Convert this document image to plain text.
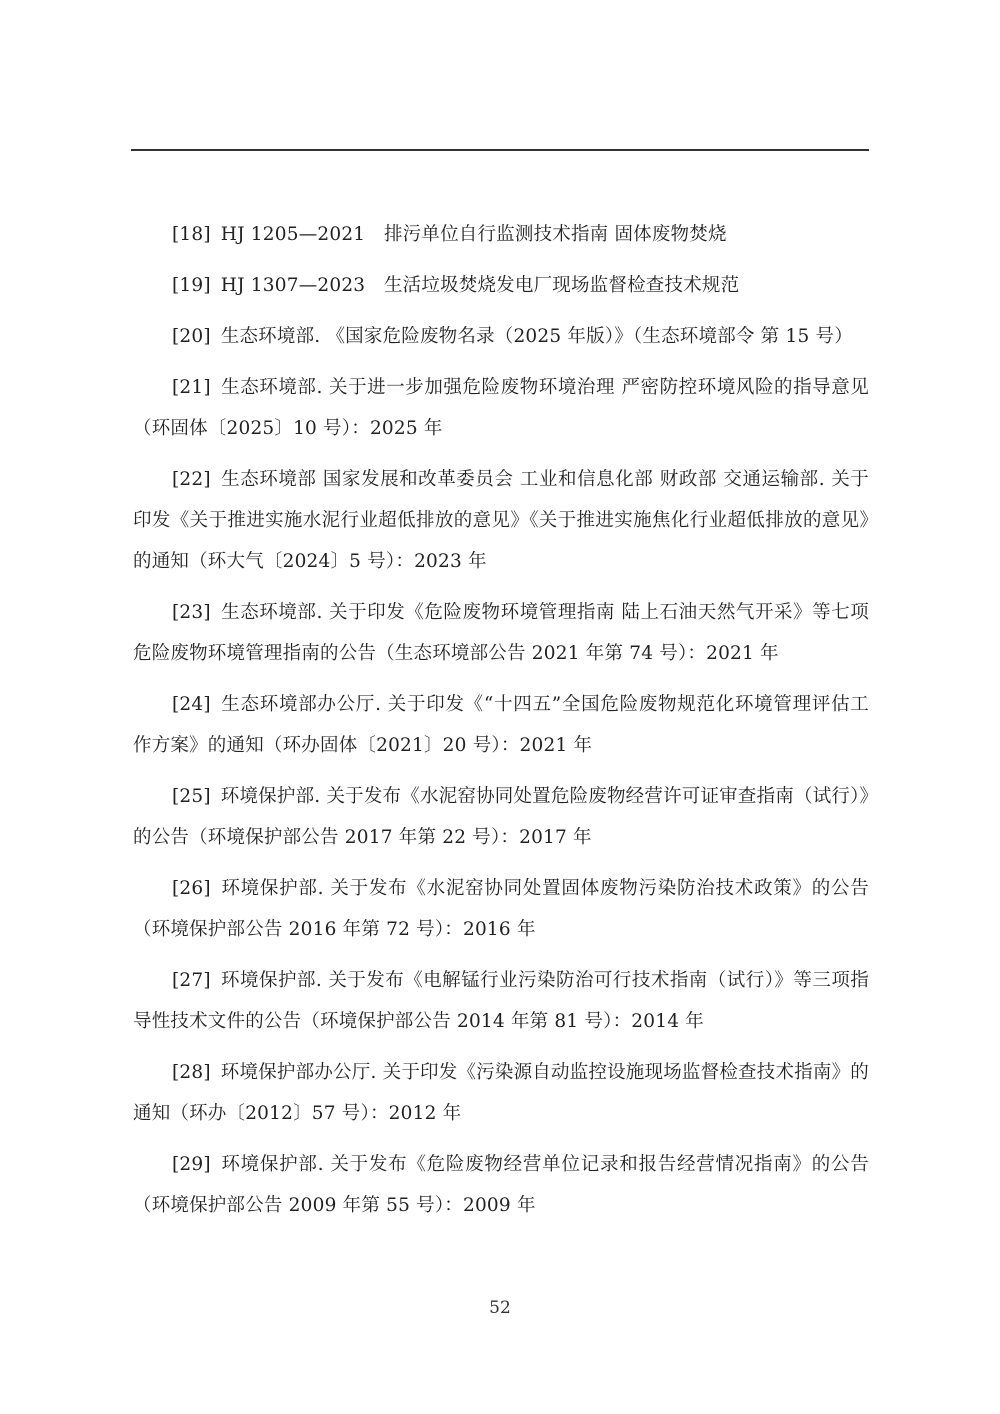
[18] HJ 1205—2021　排污单位自行监测技术指南 固体废物焚烧

[19] HJ 1307—2023　生活垃圾焚烧发电厂现场监督检查技术规范

[20] 生态环境部. 《国家危险废物名录（2025 年版）》（生态环境部令 第 15 号）

[21] 生态环境部. 关于进一步加强危险废物环境治理 严密防控环境风险的指导意见（环固体〔2025〕10 号）：2025 年

[22] 生态环境部 国家发展和改革委员会 工业和信息化部 财政部 交通运输部. 关于印发《关于推进实施水泥行业超低排放的意见》《关于推进实施焦化行业超低排放的意见》的通知（环大气〔2024〕5 号）：2023 年

[23] 生态环境部. 关于印发《危险废物环境管理指南 陆上石油天然气开采》等七项危险废物环境管理指南的公告（生态环境部公告 2021 年第 74 号）：2021 年

[24] 生态环境部办公厅. 关于印发《“十四五”全国危险废物规范化环境管理评估工作方案》的通知（环办固体〔2021〕20 号）：2021 年

[25] 环境保护部. 关于发布《水泥窑协同处置危险废物经营许可证审查指南（试行）》的公告（环境保护部公告 2017 年第 22 号）：2017 年

[26] 环境保护部. 关于发布《水泥窑协同处置固体废物污染防治技术政策》的公告（环境保护部公告 2016 年第 72 号）：2016 年

[27] 环境保护部. 关于发布《电解锰行业污染防治可行技术指南（试行）》等三项指导性技术文件的公告（环境保护部公告 2014 年第 81 号）：2014 年

[28] 环境保护部办公厅. 关于印发《污染源自动监控设施现场监督检查技术指南》的通知（环办〔2012〕57 号）：2012 年

[29] 环境保护部. 关于发布《危险废物经营单位记录和报告经营情况指南》的公告（环境保护部公告 2009 年第 55 号）：2009 年

52
